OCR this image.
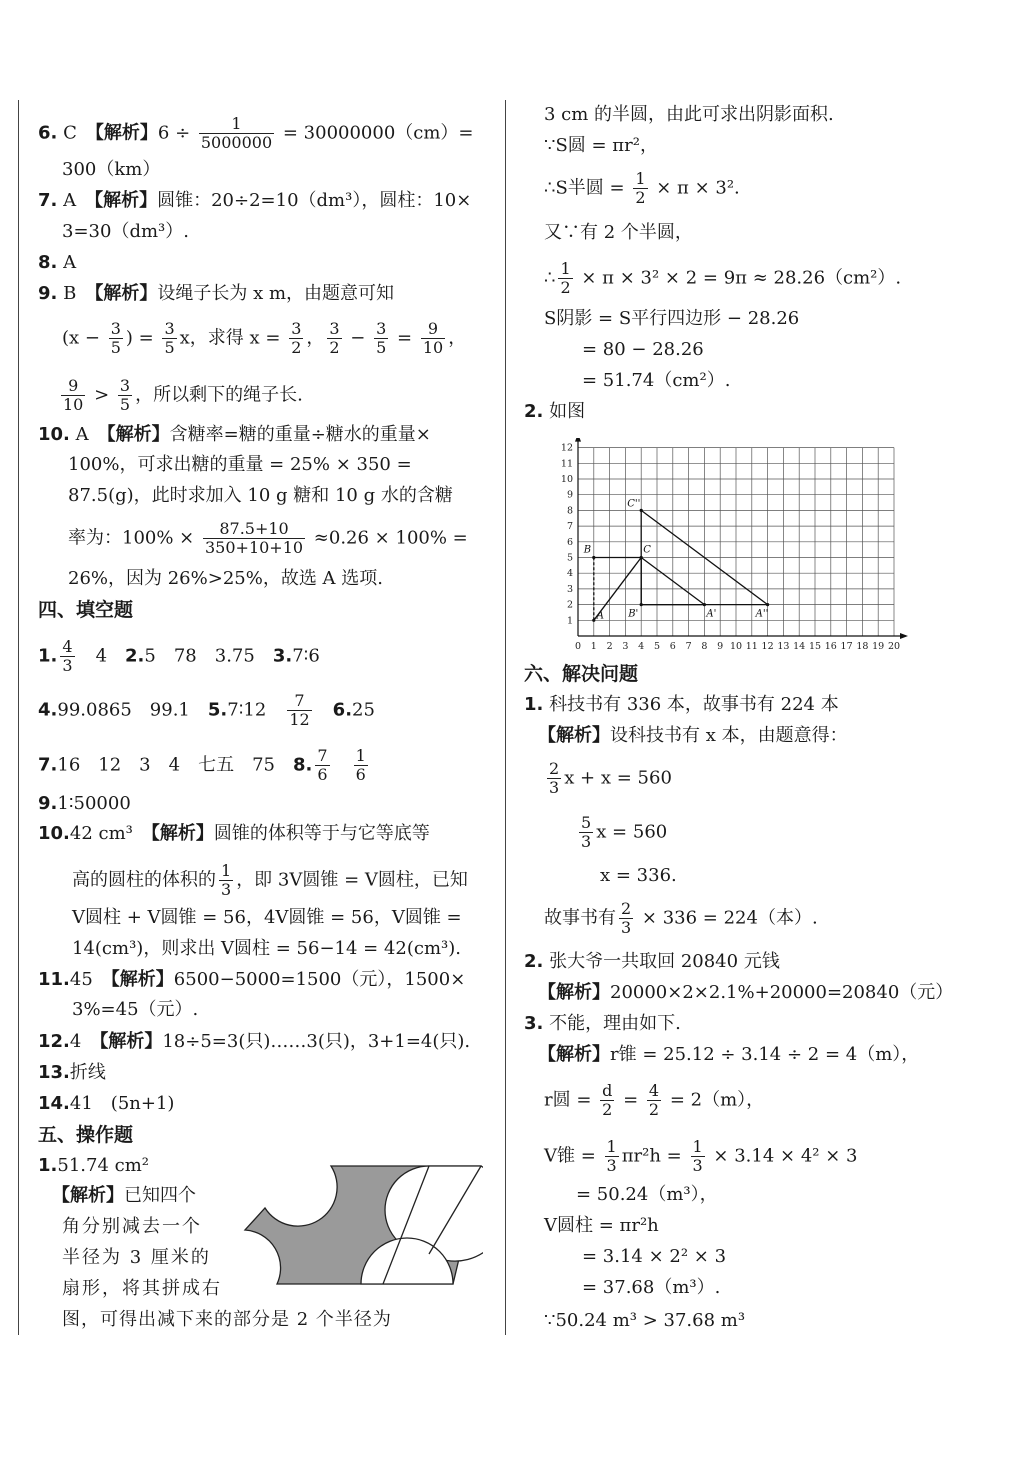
6. C　 【解析】$6 \div \frac{1}{5000000} = 30000000(cm)=$
300（km）
7. A　 【解析】圆锥：20÷2=10（dm³），圆柱：10×
3=30（dm³）.
8. A
9. B　 【解析】设绳子长为 x m，由题意可知
($x - \frac{3}{5}$ ) = $\frac{3}{5}$ x，求得 $x = \frac{3}{2}$ ， $\frac{3}{2} - \frac{3}{5} = \frac{9}{10}$ ，
$\frac{9}{10} > \frac{3}{5}$ ，所以剩下的绳子长.
10. A　 【解析】含糖率=糖的重量÷糖水的重量×
100%，可求出糖的重量 = 25% × 350 =
87.5(g)，此时求加入 10 g 糖和 10 g 水的含糖
率为：$100\% \times \frac{87.5+10}{350+10+10} \approx 0.26 \times 100\%$ =
26%，因为 26%>25%，故选 A 选项.
四、填空题
1. $\frac{4}{3}$
　 4　 2.5　78　3.75　 3.7∶6
4.99.0865　99.1　 5.7∶12　 $\frac{7}{12}$
　 6.25
7.16　12　3　4　七五　75　 8. $\frac{7}{6}$
　 $\frac{1}{6}$
9.1∶50000
10.42 cm³　 【解析】圆锥的体积等于与它等底等
高的圆柱的体积的 $\frac{1}{3}$ ，即 3V圆锥 = V圆柱，已知
V圆柱 + V圆锥 = 56，4V圆锥 = 56，V圆锥 =
14(cm³)，则求出 V圆柱 = 56−14 = 42(cm³).
11.45　 【解析】6500−5000=1500（元），1500×
3%=45（元）.
12.4　 【解析】18÷5=3(只)……3(只)，3+1=4(只).
13.折线
14.41　(5n+1)
五、操作题
1.51.74 cm²
【解析】已知四个
角分别减去一个
半径为 3 厘米的
扇形，将其拼成右
图，可得出减下来的部分是 2 个半径为
3 cm 的半圆，由此可求出阴影面积.
∵S圆 = πr²，
∴S半圆 = $\frac{1}{2} \times \pi \times 3^2$.
又∵有 2 个半圆，
∴ $\frac{1}{2} \times \pi \times 3^2 \times 2 = 9\pi \approx 28.26(cm^2)$.
S阴影 = S平行四边形 − 28.26
= 80 − 28.26
= 51.74（cm²）.
2. 如图
六、解决问题
1. 科技书有 336 本，故事书有 224 本
【解析】设科技书有 x 本，由题意得：
$\frac{2}{3}$ x + x = 560
$\frac{5}{3}$ x = 560
x = 336.
故事书有 $\frac{2}{3} \times 336 = 224$（本）.
2. 张大爷一共取回 20840 元钱
【解析】20000×2×2.1%+20000=20840（元）
3. 不能，理由如下.
【解析】r锥 = 25.12 ÷ 3.14 ÷ 2 = 4（m），
r圆 = $\frac{d}{2} = \frac{4}{2} = 2(m)$，
V锥 = $\frac{1}{3} \pi r^2h = \frac{1}{3} \times 3.14 \times 4^2 \times 3$
= 50.24（m³），
V圆柱 = πr²h
= 3.14 × 2² × 3
= 37.68（m³）.
∵50.24 m³ > 37.68 m³
0 1 2 3 4 5 6 7 8 9 10 11 12 13 14 15 16 17 18 19 20
1
2
3
4
5
6
7
8
9
10
11
12
A
B	C
B'	A'
C''
A''
